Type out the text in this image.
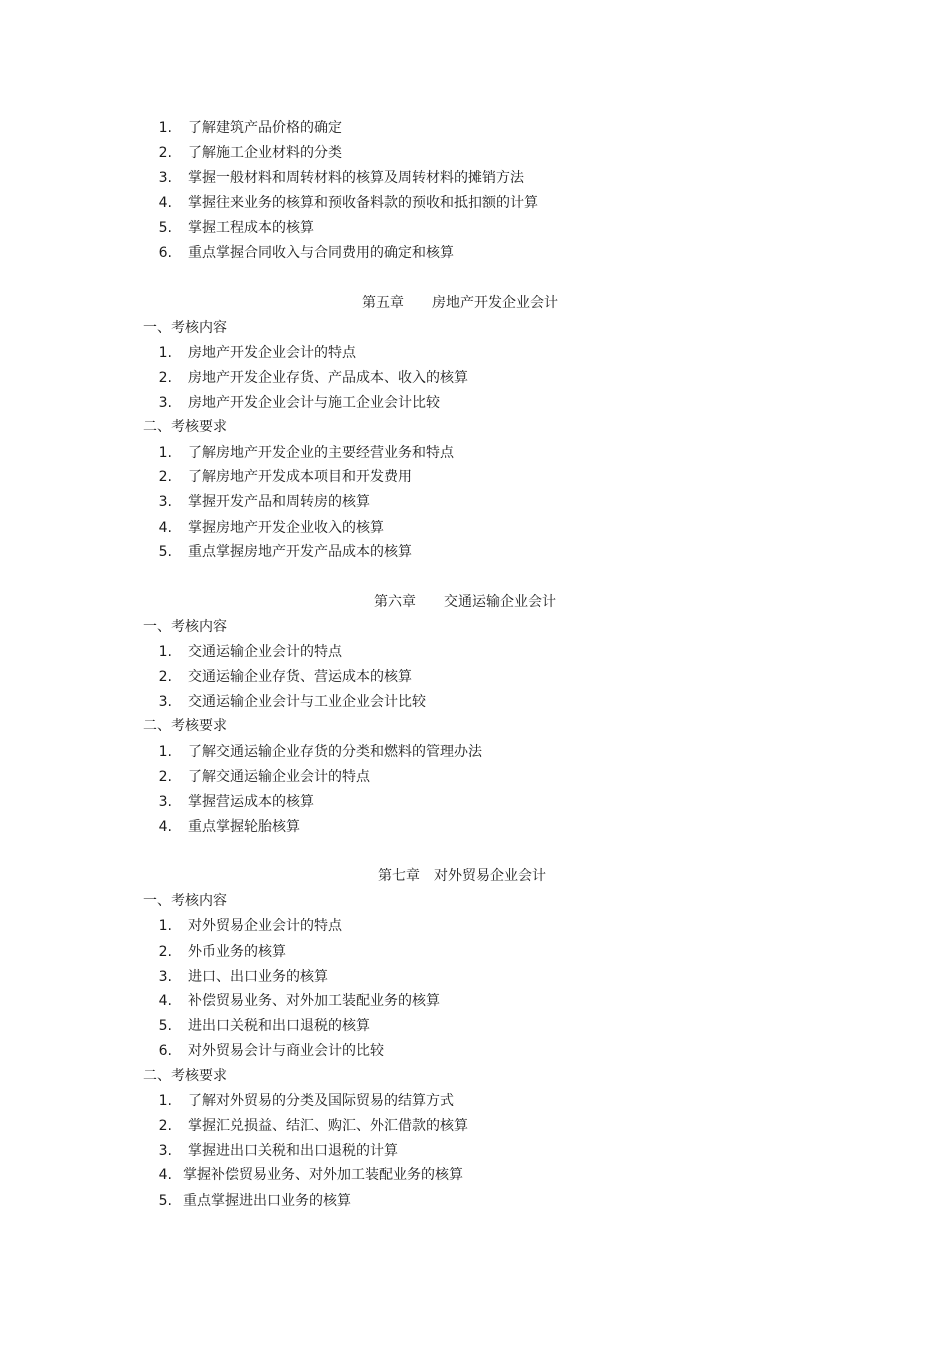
1. 了解建筑产品价格的确定
2. 了解施工企业材料的分类
3. 掌握一般材料和周转材料的核算及周转材料的摊销方法
4. 掌握往来业务的核算和预收备料款的预收和抵扣额的计算
5. 掌握工程成本的核算
6. 重点掌握合同收入与合同费用的确定和核算
第五章　　房地产开发企业会计
一、考核内容
1. 房地产开发企业会计的特点
2. 房地产开发企业存货、产品成本、收入的核算
3. 房地产开发企业会计与施工企业会计比较
二、考核要求
1. 了解房地产开发企业的主要经营业务和特点
2. 了解房地产开发成本项目和开发费用
3. 掌握开发产品和周转房的核算
4. 掌握房地产开发企业收入的核算
5. 重点掌握房地产开发产品成本的核算
第六章　　交通运输企业会计
一、考核内容
1. 交通运输企业会计的特点
2. 交通运输企业存货、营运成本的核算
3. 交通运输企业会计与工业企业会计比较
二、考核要求
1. 了解交通运输企业存货的分类和燃料的管理办法
2. 了解交通运输企业会计的特点
3. 掌握营运成本的核算
4. 重点掌握轮胎核算
第七章　对外贸易企业会计
一、考核内容
1. 对外贸易企业会计的特点
2. 外币业务的核算
3. 进口、出口业务的核算
4. 补偿贸易业务、对外加工装配业务的核算
5. 进出口关税和出口退税的核算
6. 对外贸易会计与商业会计的比较
二、考核要求
1. 了解对外贸易的分类及国际贸易的结算方式
2. 掌握汇兑损益、结汇、购汇、外汇借款的核算
3. 掌握进出口关税和出口退税的计算
4. 掌握补偿贸易业务、对外加工装配业务的核算
5. 重点掌握进出口业务的核算
